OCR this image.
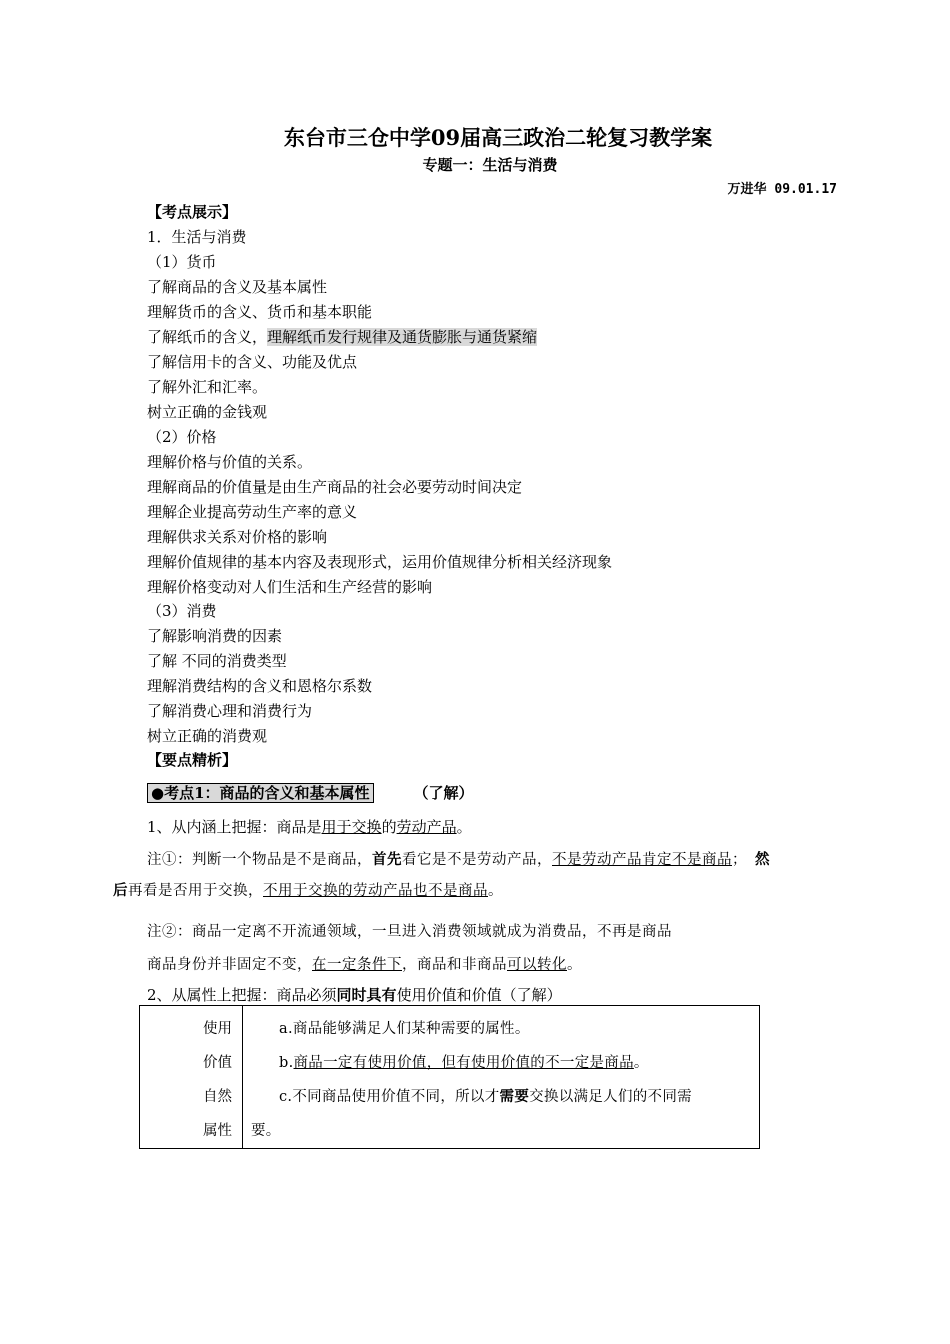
东台市三仓中学09届高三政治二轮复习教学案
专题一：生活与消费
万进华 09.01.17
【考点展示】
1．生活与消费
（1）货币
了解商品的含义及基本属性
理解货币的含义、货币和基本职能
了解纸币的含义，理解纸币发行规律及通货膨胀与通货紧缩
了解信用卡的含义、功能及优点
了解外汇和汇率。
树立正确的金钱观
（2）价格
理解价格与价值的关系。
理解商品的价值量是由生产商品的社会必要劳动时间决定
理解企业提高劳动生产率的意义
理解供求关系对价格的影响
理解价值规律的基本内容及表现形式，运用价值规律分析相关经济现象
理解价格变动对人们生活和生产经营的影响
（3）消费
了解影响消费的因素
了解 不同的消费类型
理解消费结构的含义和恩格尔系数
了解消费心理和消费行为
树立正确的消费观
【要点精析】
●考点1：商品的含义和基本属性	（了解）
1、从内涵上把握：商品是用于交换的劳动产品。
注①：判断一个物品是不是商品，首先看它是不是劳动产品，不是劳动产品肯定不是商品； 然
后再看是否用于交换，不用于交换的劳动产品也不是商品。
注②：商品一定离不开流通领域，一旦进入消费领域就成为消费品，不再是商品
商品身份并非固定不变，在一定条件下，商品和非商品可以转化。
2、从属性上把握：商品必须同时具有使用价值和价值（了解）
使用
价值
自然
属性

a.商品能够满足人们某种需要的属性。
b.商品一定有使用价值，但有使用价值的不一定是商品。
c.不同商品使用价值不同，所以才需要交换以满足人们的不同需
要。
